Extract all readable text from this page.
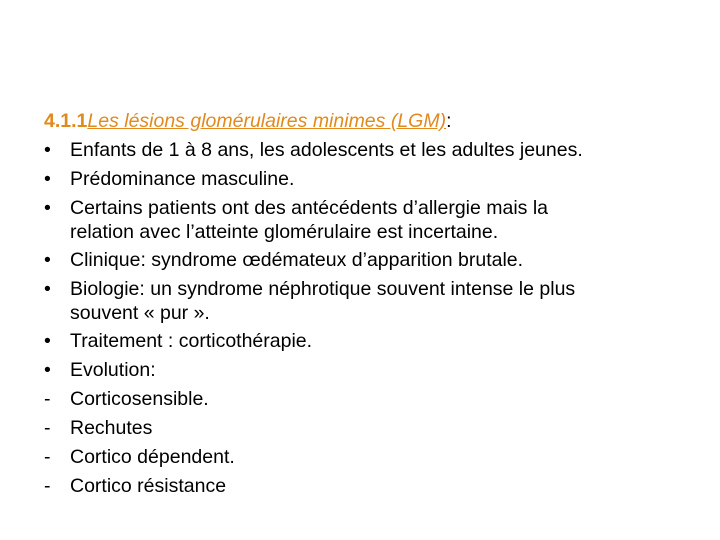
4.1.1Les lésions glomérulaires minimes (LGM):
• Enfants de 1 à 8 ans, les adolescents et les adultes jeunes.
• Prédominance masculine.
• Certains patients ont des antécédents d’allergie mais la
relation avec l’atteinte glomérulaire est incertaine.
• Clinique: syndrome œdémateux d’apparition brutale.
• Biologie: un syndrome néphrotique souvent intense le plus
souvent « pur ».
• Traitement : corticothérapie.
• Evolution:
-	Corticosensible.
-	Rechutes
-	Cortico dépendent.
-	Cortico résistance
